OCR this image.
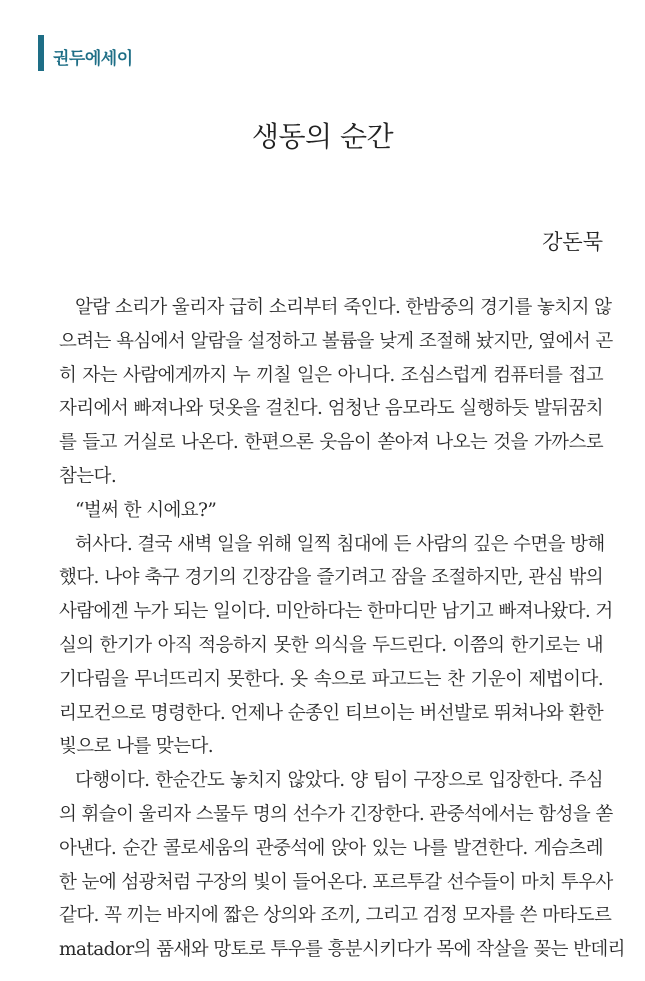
권두에세이
생동의 순간
강돈묵
알람 소리가 울리자 급히 소리부터 죽인다. 한밤중의 경기를 놓치지 않
으려는 욕심에서 알람을 설정하고 볼륨을 낮게 조절해 놨지만, 옆에서 곤
히 자는 사람에게까지 누 끼칠 일은 아니다. 조심스럽게 컴퓨터를 접고
자리에서 빠져나와 덧옷을 걸친다. 엄청난 음모라도 실행하듯 발뒤꿈치
를 들고 거실로 나온다. 한편으론 웃음이 쏟아져 나오는 것을 가까스로
참는다.
“벌써 한 시에요?”
허사다. 결국 새벽 일을 위해 일찍 침대에 든 사람의 깊은 수면을 방해
했다. 나야 축구 경기의 긴장감을 즐기려고 잠을 조절하지만, 관심 밖의
사람에겐 누가 되는 일이다. 미안하다는 한마디만 남기고 빠져나왔다. 거
실의 한기가 아직 적응하지 못한 의식을 두드린다. 이쯤의 한기로는 내
기다림을 무너뜨리지 못한다. 옷 속으로 파고드는 찬 기운이 제법이다.
리모컨으로 명령한다. 언제나 순종인 티브이는 버선발로 뛰쳐나와 환한
빛으로 나를 맞는다.
다행이다. 한순간도 놓치지 않았다. 양 팀이 구장으로 입장한다. 주심
의 휘슬이 울리자 스물두 명의 선수가 긴장한다. 관중석에서는 함성을 쏟
아낸다. 순간 콜로세움의 관중석에 앉아 있는 나를 발견한다. 게슴츠레
한 눈에 섬광처럼 구장의 빛이 들어온다. 포르투갈 선수들이 마치 투우사
같다. 꼭 끼는 바지에 짧은 상의와 조끼, 그리고 검정 모자를 쓴 마타도르
matador의 품새와 망토로 투우를 흥분시키다가 목에 작살을 꽂는 반데리
